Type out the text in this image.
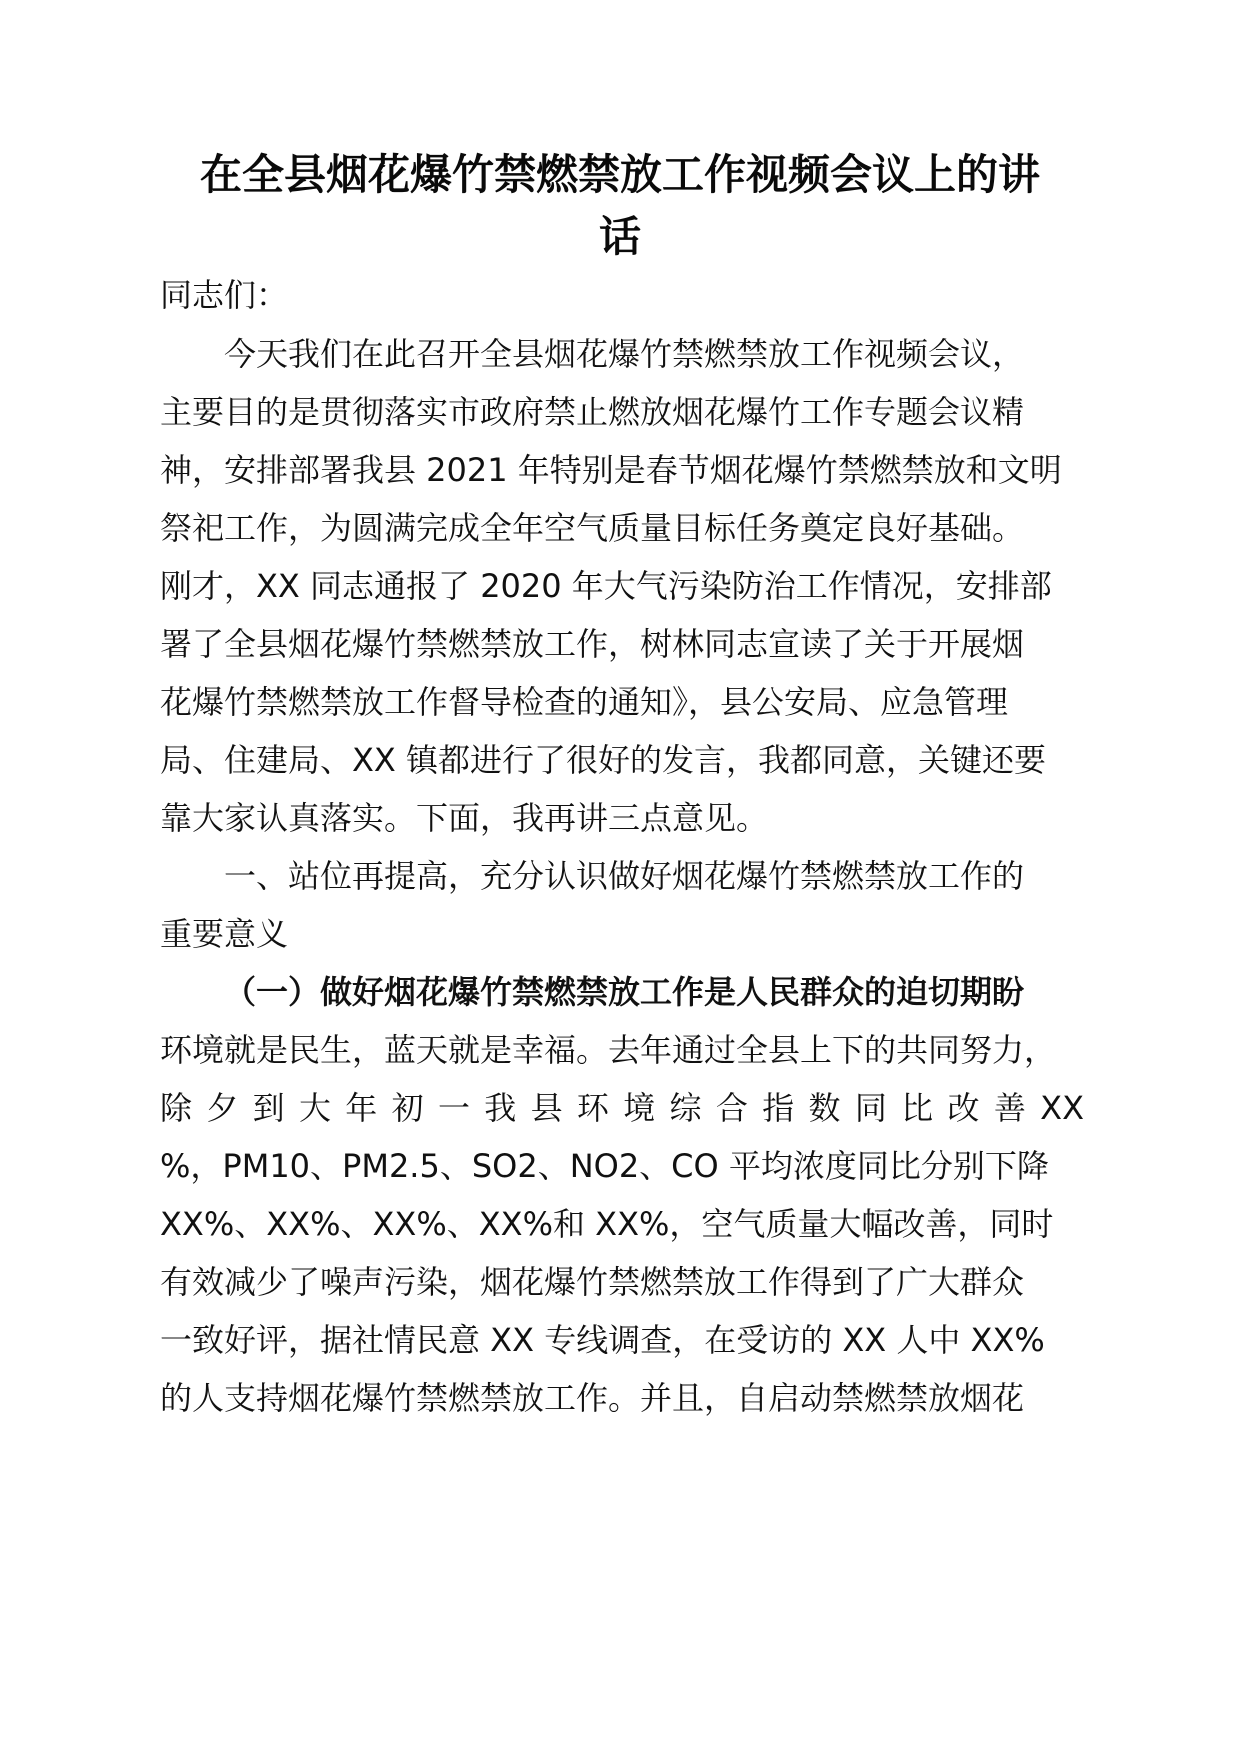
在全县烟花爆竹禁燃禁放工作视频会议上的讲
话
同志们：
今天我们在此召开全县烟花爆竹禁燃禁放工作视频会议，
主要目的是贯彻落实市政府禁止燃放烟花爆竹工作专题会议精
神，安排部署我县 2021 年特别是春节烟花爆竹禁燃禁放和文明
祭祀工作，为圆满完成全年空气质量目标任务奠定良好基础。
刚才，XX 同志通报了 2020 年大气污染防治工作情况，安排部
署了全县烟花爆竹禁燃禁放工作，树林同志宣读了关于开展烟
花爆竹禁燃禁放工作督导检查的通知》，县公安局、应急管理
局、住建局、XX 镇都进行了很好的发言，我都同意，关键还要
靠大家认真落实。下面，我再讲三点意见。
一、站位再提高，充分认识做好烟花爆竹禁燃禁放工作的
重要意义
（一）做好烟花爆竹禁燃禁放工作是人民群众的迫切期盼
环境就是民生，蓝天就是幸福。去年通过全县上下的共同努力，
除 夕 到 大 年 初 一 我 县 环 境 综 合 指 数 同 比 改 善 XX
%，PM10、PM2.5、SO2、NO2、CO 平均浓度同比分别下降
XX%、XX%、XX%、XX%和 XX%，空气质量大幅改善，同时
有效减少了噪声污染，烟花爆竹禁燃禁放工作得到了广大群众
一致好评，据社情民意 XX 专线调查，在受访的 XX 人中 XX%
的人支持烟花爆竹禁燃禁放工作。并且，自启动禁燃禁放烟花
